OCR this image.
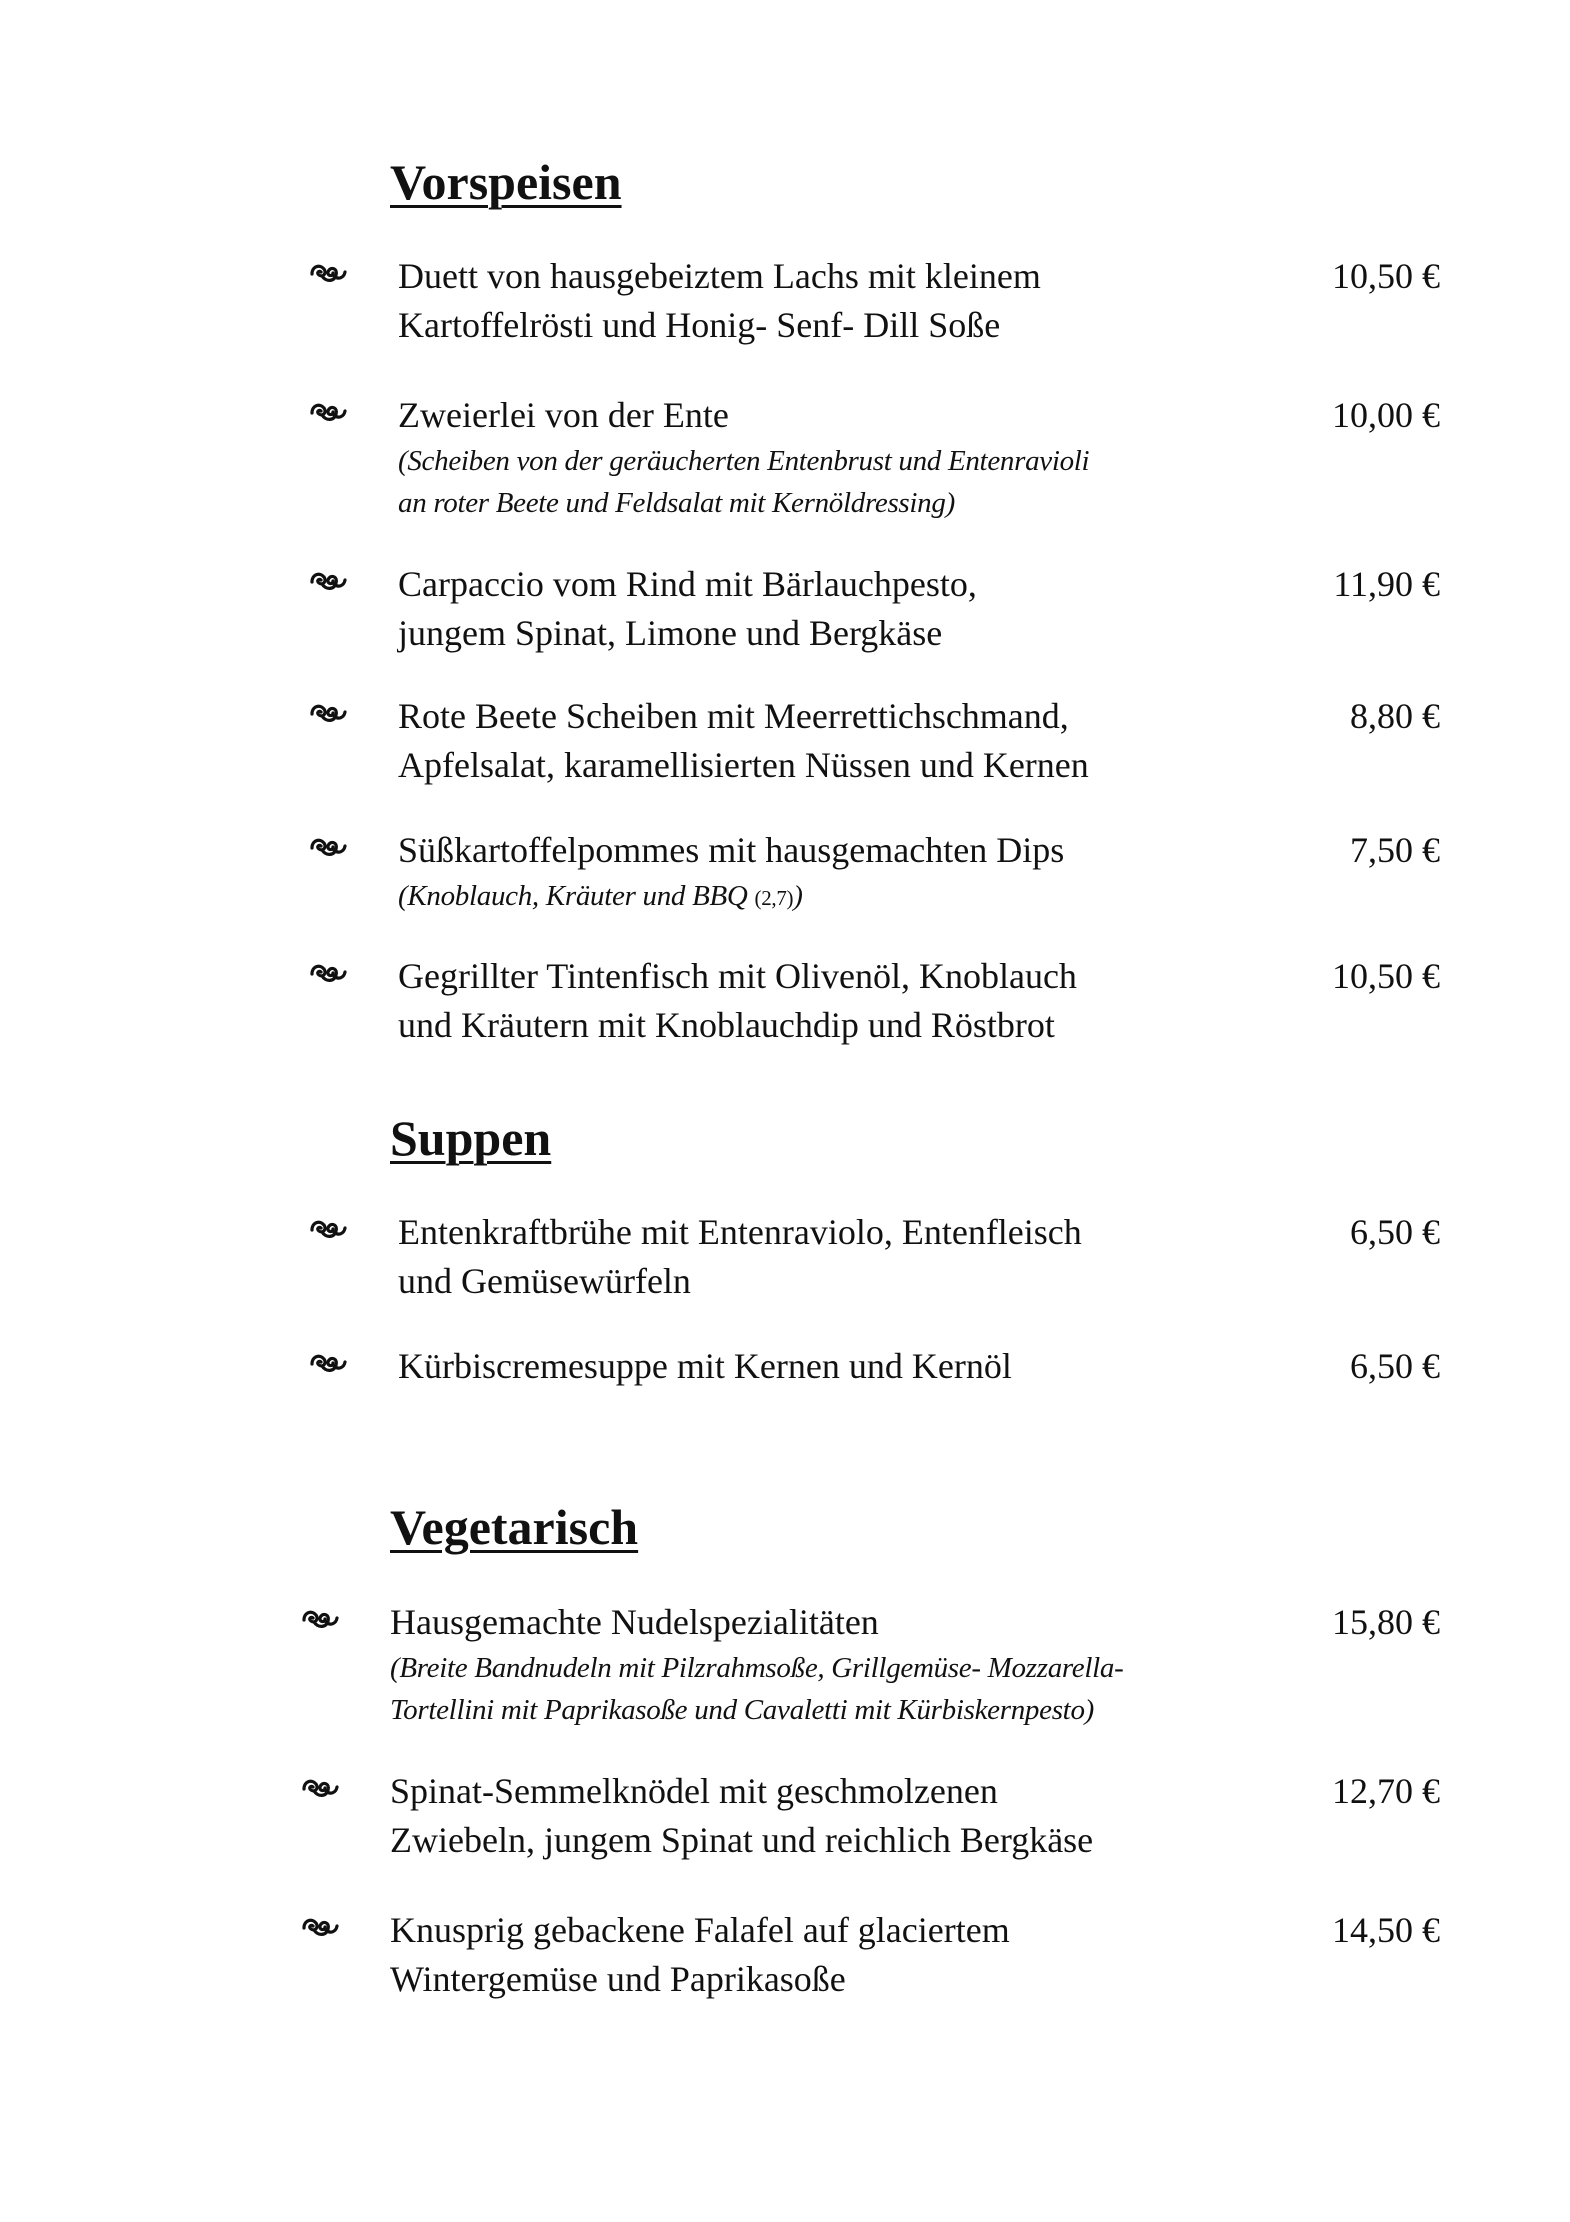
Vorspeisen
Duett von hausgebeiztem Lachs mit kleinem
Kartoffelrösti und Honig- Senf- Dill Soße
10,50 €
Zweierlei von der Ente
(Scheiben von der geräucherten Entenbrust und Entenravioli
an roter Beete und Feldsalat mit Kernöldressing)
10,00 €
Carpaccio vom Rind mit Bärlauchpesto,
jungem Spinat, Limone und Bergkäse
11,90 €
Rote Beete Scheiben mit Meerrettichschmand,
Apfelsalat, karamellisierten Nüssen und Kernen
8,80 €
Süßkartoffelpommes mit hausgemachten Dips
(Knoblauch, Kräuter und BBQ (2,7))
7,50 €
Gegrillter Tintenfisch mit Olivenöl, Knoblauch
und Kräutern mit Knoblauchdip und Röstbrot
10,50 €
Suppen
Entenkraftbrühe mit Entenraviolo, Entenfleisch
und Gemüsewürfeln
6,50 €
Kürbiscremesuppe mit Kernen und Kernöl	6,50 €
Vegetarisch
Hausgemachte Nudelspezialitäten
(Breite Bandnudeln mit Pilzrahmsoße, Grillgemüse- Mozzarella-
Tortellini mit Paprikasoße und Cavaletti mit Kürbiskernpesto)
15,80 €
Spinat-Semmelknödel mit geschmolzenen
Zwiebeln, jungem Spinat und reichlich Bergkäse
12,70 €
Knusprig gebackene Falafel auf glaciertem
Wintergemüse und Paprikasoße
14,50 €
